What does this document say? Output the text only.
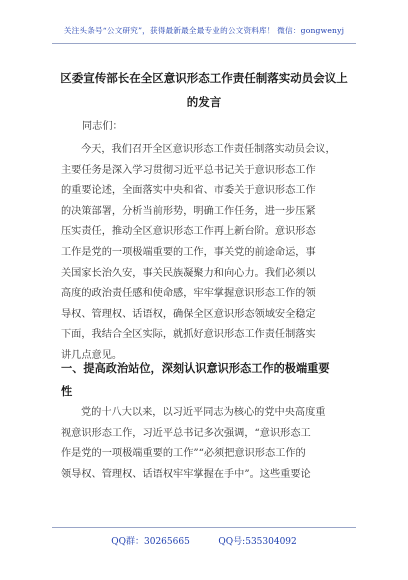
关注头条号“公文研究”，获得最新最全最专业的公文资料库！ 微信：gongwenyj
区委宣传部长在全区意识形态工作责任制落实动员会议上
的发言
同志们：
今天，我们召开全区意识形态工作责任制落实动员会议，
主要任务是深入学习贯彻习近平总书记关于意识形态工作
的重要论述，全面落实中央和省、市委关于意识形态工作
的决策部署，分析当前形势，明确工作任务，进一步压紧
压实责任，推动全区意识形态工作再上新台阶。意识形态
工作是党的一项极端重要的工作，事关党的前途命运，事
关国家长治久安，事关民族凝聚力和向心力。我们必须以
高度的政治责任感和使命感，牢牢掌握意识形态工作的领
导权、管理权、话语权，确保全区意识形态领域安全稳定
下面，我结合全区实际，就抓好意识形态工作责任制落实
讲几点意见。
一、提高政治站位，深刻认识意识形态工作的极端重要
性
党的十八大以来，以习近平同志为核心的党中央高度重
视意识形态工作，习近平总书记多次强调，“意识形态工
作是党的一项极端重要的工作”“必须把意识形态工作的
领导权、管理权、话语权牢牢掌握在手中”。这些重要论
QQ群：30265665          QQ号:535304092
